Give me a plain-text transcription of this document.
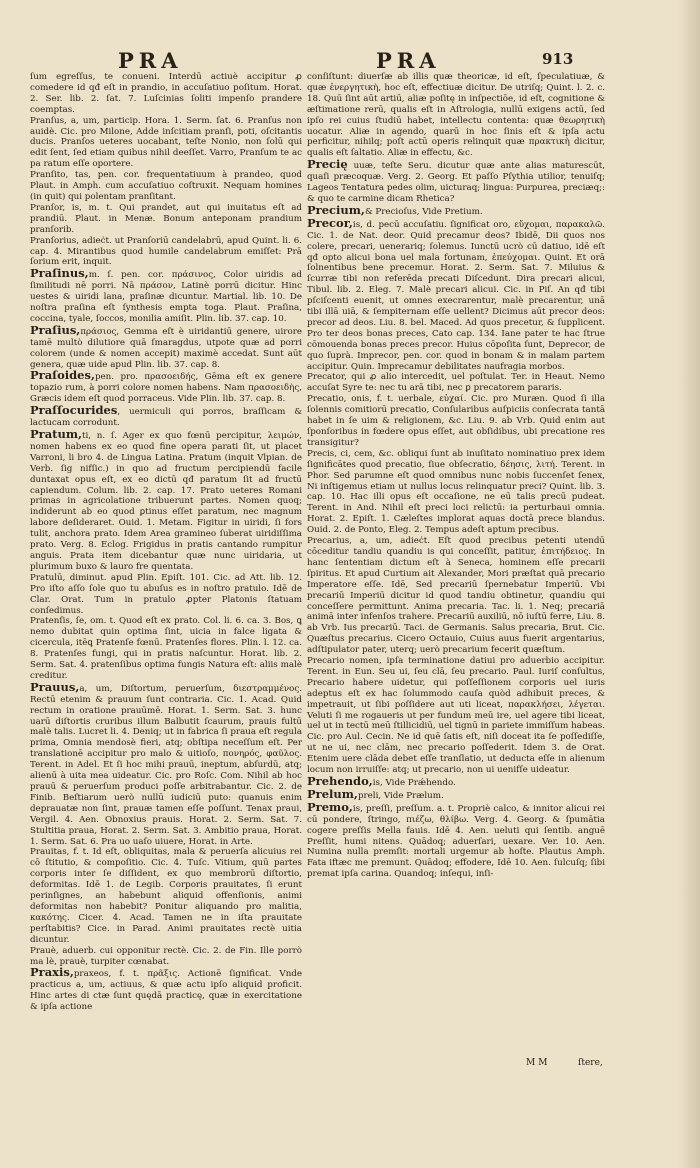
PRA	PRA	913

ſum egreſſus, te conueni. Interdū actiuè accipitur ꝓ comedere id qđ eſt in prandio, in accuſatiuo poſitum. Horat. 2. Ser. lib. 2. ſat. 7. Luſcinias ſoliti impenſo prandere coemptas.

Pranſus, a, um, particip. Hora. 1. Serm. ſat. 6. Pranſus non auidè. Cic. pro Milone, Adde inſcitiam pranſi, poti, oſcitantis ducis. Pranſos ueteres uocabant, teſte Nonio, non ſolū qui edit ſent, ſed etiam quibus nihil deeſſet. Varro, Pranſum te ac pa ratum eſſe oportere.

Pranſito, tas, pen. cor. frequentatiuum à prandeo, quod Plaut. in Amph. cum accuſatiuo coſtruxit. Nequam homines (in quit) qui polentam pranſitant.

Pranſor, is, m. t. Qui prandet, aut qui inuitatus eſt ad prandiū. Plaut. in Menæ. Bonum anteponam prandium pranſorib.

Pranſorius, adieċt. ut Pranſoriū candelabrū, apud Quint. li. 6. cap. 4. Mirantibus quod humile candelabrum emiſſet: Prā ſorium erit, inquit.

Praſinus,m. ſ. pen. cor. πράσινος, Color uiridis ad ſimilitudi nē porri. Nā πράσον, Latinè porrū dicitur. Hinc uestes & uiridi lana, praſinæ dicuntur. Martial. lib. 10. De noſtra praſina eſt ſynthesis empta toga. Plaut. Praſina, coccina, tyale, ſoccos, monilia amiſit. Plin. lib. 37. cap. 10.

Praſius,πράσιος, Gemma eſt è uiridantiū genere, uirore tamē multò dilutiore quā ſmaragdus, utpote quæ ad porri colorem (unde & nomen accepit) maximè accedat. Sunt aūt genera, quæ uide apud Plin. lib. 37. cap. 8.

Praſoides,pen. pro. πρασοειδής, Gēma eſt ex genere topazio rum, à porri colore nomen habens. Nam πρασοειδὴς, Græcis idem eſt quod porraceus. Vide Plin. lib. 37. cap. 8.

Praſſocurides, uermiculi qui porros, braſſicam & lactucam corrodunt.

Pratum,ti, n. ſ. Ager ex quo fœnū percipitur, λειμών, nomen habens ex eo quod fine opera parati ſit, ut placet Varroni, li bro 4. de Lingua Latina. Pratum (inquit Vlpian. de Verb. ſig nifſic.) in quo ad fructum percipiendū facile duntaxat opus eſt, ex eo dictū qđ paratum ſit ad fructū capiendum. Colum. lib. 2. cap. 17. Prato ueteres Romani primas in agricolatione tribuerunt partes. Nomen quoq; indiderunt ab eo quod ꝑtinus eſſet paratum, nec magnum labore deſideraret. Ouid. 1. Metam. Figitur in uiridi, ſi fors tulit, anchora prato. Idem Area gramineo ſuberat uiridiſſima prato. Verg. 8. Eclog. Frigidus in pratis cantando rumpitur anguis. Prata item dicebantur quæ nunc uiridaria, ut plurimum buxo & lauro fre quentata.

Pratulū, diminut. apud Plin. Epiſt. 101. Cic. ad Att. lib. 12. Pro iſto aſſo ſole quo tu abuſus es in noſtro pratulo. Idē de Clar. Orat. Tum in pratulo ꝓpter Platonis ſtatuam conſedimus.

Pratenſis, ſe, om. t. Quod eſt ex prato. Col. li. 6. ca. 3. Bos, ꝗ nemo dubitat quin optima ſint, uicia in falce ligata & cicercula, itēꝗ Pratenſe fœnū. Pratenſes flores. Plin. l. 12. ca. 8. Pratenſes fungi, qui in pratis naſcuntur. Horat. lib. 2. Serm. Sat. 4. pratenſibus optima fungis Natura eſt: aliis malè creditur.

Prauus,a, um, Diſtortum, peruerſum, διεστραμμένος. Rectū etenim & prauum ſunt contraria. Cic. 1. Acad. Quid rectum in oratione prauūmē. Horat. 1. Serm. Sat. 3. hunc uarū diſtortis cruribus illum Balbutit ſcaurum, prauis fultū malè talis. Lucret li. 4. Deniq; ut in fabrica ſi praua eſt regula prima, Omnia mendosè fieri, atq; obſtipa neceſſum eſt. Per translationē accipitur pro malo & uitioſo, πονηρός, φαῦλος. Terent. in Adel. Et ſi hoc mihi prauū, ineptum, abſurdū, atq; alienū à uita mea uideatur. Cic. pro Roſc. Com. Nihil ab hoc prauū & peruerſum produci poſſe arbitrabantur. Cic. 2. de Finib. Beſtiarum uerò nullū iudiciū puto: quanuis enim deprauatæ non ſint, prauæ tamen eſſe poſſunt. Tenax praui, Vergil. 4. Aen. Obnoxius prauis. Horat. 2. Serm. Sat. 7. Stultitia praua, Horat. 2. Serm. Sat. 3. Ambitio praua, Horat. 1. Serm. Sat. 6. Pra uo uaſo uiuere, Horat. in Arte.

Prauitas, f. t. Id eſt, obliquitas, mala & peruerſa alicuius rei cō ſtitutio, & compoſitio. Cic. 4. Tuſc. Vitium, quū partes corporis inter ſe diſſident, ex quo membrorū diſtortio, deformitas. Idē 1. de Legib. Corporis prauitates, ſi erunt perinſignes, an habebunt aliquid offenſionis, animi deformitas non habebit? Ponitur aliquando pro malitia, κακότης. Cicer. 4. Acad. Tamen ne in iſta prauitate perſtabitis? Cice. in Parad. Animi prauitates rectè uitia dicuntur.

Prauè, aduerb. cui opponitur rectè. Cic. 2. de Fin. Ille porrò ma lè, prauè, turpiter cœnabat.

Praxis,praxeos, f. t. πρᾶξις. Actionē ſignificat. Vnde practicus a, um, actiuus, & quæ actu ipſo aliquid proficit. Hinc artes di ctæ ſunt quędā practicę, quæ in exercitatione & ipſa actione

conſiſtunt: diuerſæ ab illis quæ theoricæ, id eſt, ſpeculatiuæ, & quæ ἐνεργητικὴ, hoc eſt, effectiuæ dicitur. De utriſq; Quint. l. 2. c. 18. Quū ſint aūt artiū, aliæ poſitę in inſpectiōe, id eſt, cognitione & æſtimatione rerū, qualis eſt in Aſtrologia, nullū exigens actū, ſed ipſo rei cuius ſtudiū habet, intellectu contenta: quæ θεωρητικὴ uocatur. Aliæ in agendo, quarū in hoc ſinis eſt & ipſa actu perficitur, nihilq; poſt actū operis relinquit quæ πρακτικὴ dicitur, qualis eſt ſaltatio. Aliæ in effectu, &c.

Precię uuæ, teſte Seru. dicutur quæ ante alias maturescūt, quaſi præcoquæ. Verg. 2. Georg. Et paſſo Pſythia utilior, tenuiſq; Lageos Tentatura pedes olim, uicturaq; lingua: Purpurea, preciæq;: & quo te carmine dicam Rhetica?

Precium,& Precioſus, Vide Pretium.

Precor,is, d. pecū accuſatiu. ſignificat oro, εὔχομαι, παρακαλῶ. Cic. 1. de Nat. deor. Quid precamur deos? Ibidē, Dii quos nos colere, precari, uenerariq; ſolemus. Iunctū ucrò cū datiuo, idē eſt qđ opto alicui bona uel mala fortunam, ἐπεύχομαι. Quint. Et orā ſolnentibus bene precemur. Horat. 2. Serm. Sat. 7. Miluius & ſcurræ tibi non referēda precati Diſcedunt. Dira precari alicui, Tibul. lib. 2. Eleg. 7. Malè precari alicui. Cic. in Piſ. An qđ tibi pſciſcenti euenit, ut omnes execrarentur, malè precarentur, unā tibi illā uiā, & ſempiternam eſſe uellent? Dicimus aūt precor deos: precor ad deos. Liu. 8. bel. Maced. Ad quos precetur, & ſupplicent. Pro ter deos bonas preces, Cato cap. 134. Iane pater te hac ſtrue cōmouenda bonas preces precor. Huius cōpoſita ſunt, Deprecor, de quo ſuprà. Imprecor, pen. cor. quod in bonam & in malam partem accipitur. Quin. Imprecamur debilitates naufragia morbos.

Precator, qui ꝓ alio intercedit, uel poſtulat. Ter. in Heaut. Nemo accuſat Syre te: nec tu arā tibi, nec ꝑ precatorem pararis.

Precatio, onis, f. t. uerbale, εὐχαί. Cic. pro Muræn. Quod ſi illa ſolennis comitiorū precatio, Conſularibus auſpiciis conſecrata tantā habet in ſe uim & religionem, &c. Liu. 9. ab Vrb. Quid enim aut ſponſoribus in fœdere opus eſſet, aut obſidibus, ubi precatione res transigitur?

Precis, ci, cem, &c. obliqui ſunt ab inuſitato nominatiuo prex idem ſignificātes quod precatio, ſiue obſecratio, δέησις, λιτή. Terent. in Phor. Sed parumne eſt quod omnibus nunc nobis ſuccenſet ſenex, Ni inſtigemus etiam ut nullus locus relinquatur preci? Quint. lib. 3. cap. 10. Hac illi opus eſt occaſione, ne eū talis precū pudeat. Terent. in And. Nihil eſt preci loci relictū: ia perturbaui omnia. Horat. 2. Epiſt. 1. Cæleſtes implorat aquas doctā prece blandus. Ouid. 2. de Ponto, Eleg. 2. Tempus adeſt aptum precibus.

Precarius, a, um, adieċt. Eſt quod precibus petenti utendū cōceditur tandiu quandiu is qui conceſſit, patitur, ἐπιτήδειος. In hanc ſententiam dictum eſt à Seneca, hominem eſſe precarii ſpiritus. Et apud Curtium ait Alexander, Mori præſtat quā precario Imperatore eſſe. Idē, Sed precariū ſpernebatur Imperiū. Vbi precariū Imperiū dicitur id quod tandiu obtinetur, quandiu qui conceſſere permittunt. Anima precaria. Tac. li. 1. Neq; precariā animā inter infenſos trahere. Precariū auxiliū, nō iuſtū ferre, Liu. 8. ab Vrb. Ius precariū. Taci. de Germanis. Salus precaria, Brut. Cic. Quæſtus precarius. Cicero Octauio, Cuius auus fuerit argentarius, adſtipulator pater, uterq; uerò precarium fecerit quæſtum.

Precario nomen, ipſa terminatione datiui pro aduerbio accipitur. Terent. in Eun. Seu ui, ſeu clā, ſeu precario. Paul. Iuriſ conſultus, Precario habere uidetur, qui poſſeſſionem corporis uel iuris adeptus eſt ex hac ſolummodo cauſa quòd adhibuit preces, & impetrauit, ut ſibi poſſidere aut uti liceat, παρακλήσει, λέγεται. Veluti ſi me rogaueris ut per fundum meū ire, uel agere tibi liceat, uel ut in tectū meū ſtillicidiū, uel tignū in pariete immiſſum habeas. Cic. pro Aul. Cecin. Ne id quē ſatis eſt, niſi doceat ita ſe poſſediſſe, ut ne ui, nec clām, nec precario poſſederit. Idem 3. de Orat. Etenim uere clāda debet eſſe tranſlatio, ut deducta eſſe in alienum locum non irruiſſe: atq; ut precario, non ui uenifſe uideatur.

Prehendo,is, Vide Prǽhendo.

Prelum,preli, Vide Prælum.

Premo,is, preſſi, preſſum. a. t. Propriè calco, & innitor alicui rei cū pondere, ſtringo, πιέζω, θλίβω. Verg. 4. Georg. & ſpumātia cogere preſſis Mella fauis. Idē 4. Aen. ueluti qui ſentib. anguē Preſſit, humi nitens. Quādoq; aduerſari, uexare. Ver. 10. Aen. Numina nulla premſit: mortali urgemur ab hoſte. Plautus Amph. Fata iftæc me premunt. Quādoq; effodere, Idē 10. Aen. ſulcuſq; ſibi premat ipſa carina. Quandoq; inſequi, inſi-

MM	ſtere,
